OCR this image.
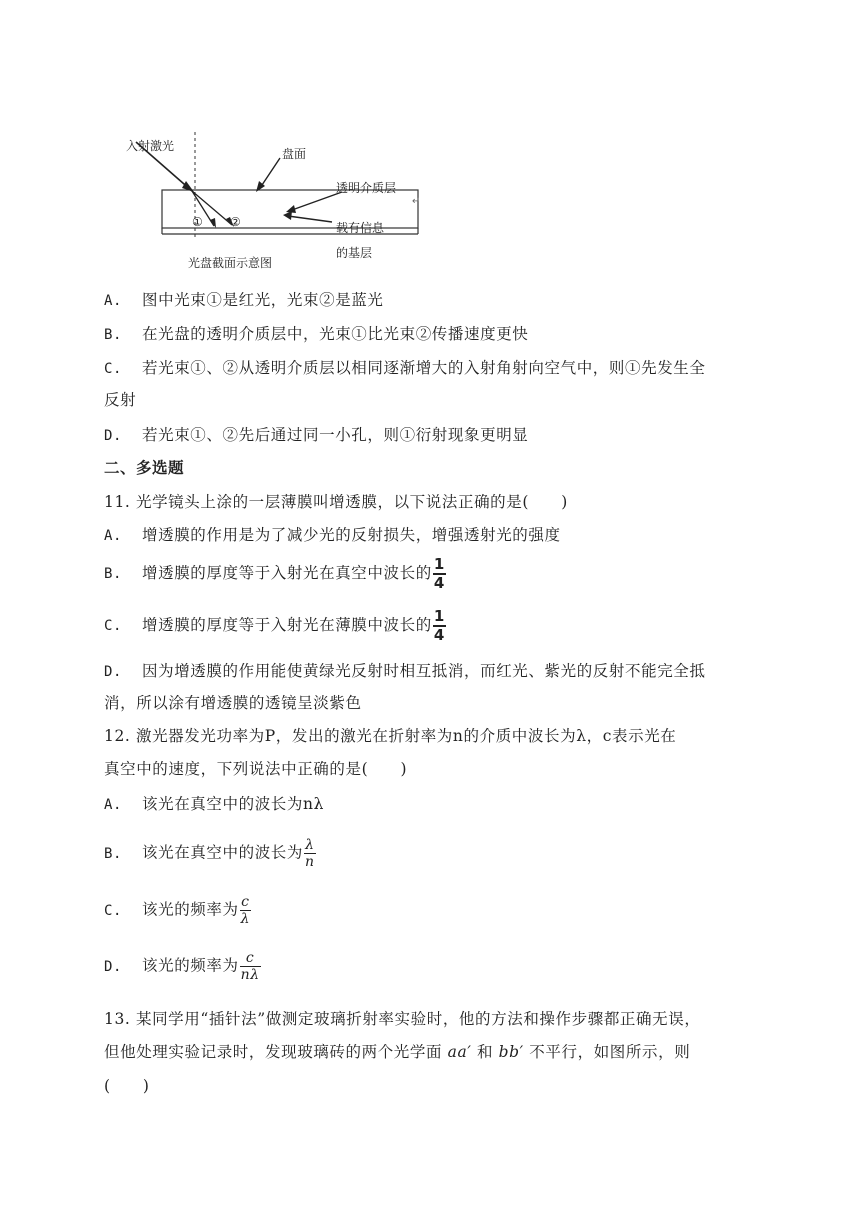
入射激光
盘面
透明介质层
↵
载有信息
的基层
① ②
光盘截面示意图
A. 图中光束①是红光，光束②是蓝光
B. 在光盘的透明介质层中，光束①比光束②传播速度更快
C. 若光束①、②从透明介质层以相同逐渐增大的入射角射向空气中，则①先发生全
反射
D. 若光束①、②先后通过同一小孔，则①衍射现象更明显
二、多选题
11. 光学镜头上涂的一层薄膜叫增透膜，以下说法正确的是(　　)
A. 增透膜的作用是为了减少光的反射损失，增强透射光的强度
B. 增透膜的厚度等于入射光在真空中波长的 $\frac{1}{4}$
C. 增透膜的厚度等于入射光在薄膜中波长的 $\frac{1}{4}$
D. 因为增透膜的作用能使黄绿光反射时相互抵消，而红光、紫光的反射不能完全抵
消，所以涂有增透膜的透镜呈淡紫色
12. 激光器发光功率为P，发出的激光在折射率为n的介质中波长为λ，c表示光在
真空中的速度，下列说法中正确的是(　　)
A. 该光在真空中的波长为nλ
B. 该光在真空中的波长为 $\frac{\lambda}{n}$
C. 该光的频率为 $\frac{c}{\lambda}$
D. 该光的频率为 $\frac{c}{n\lambda}$
13. 某同学用“插针法”做测定玻璃折射率实验时，他的方法和操作步骤都正确无误，
但他处理实验记录时，发现玻璃砖的两个光学面 aa′ 和 bb′ 不平行，如图所示，则
(　　)
